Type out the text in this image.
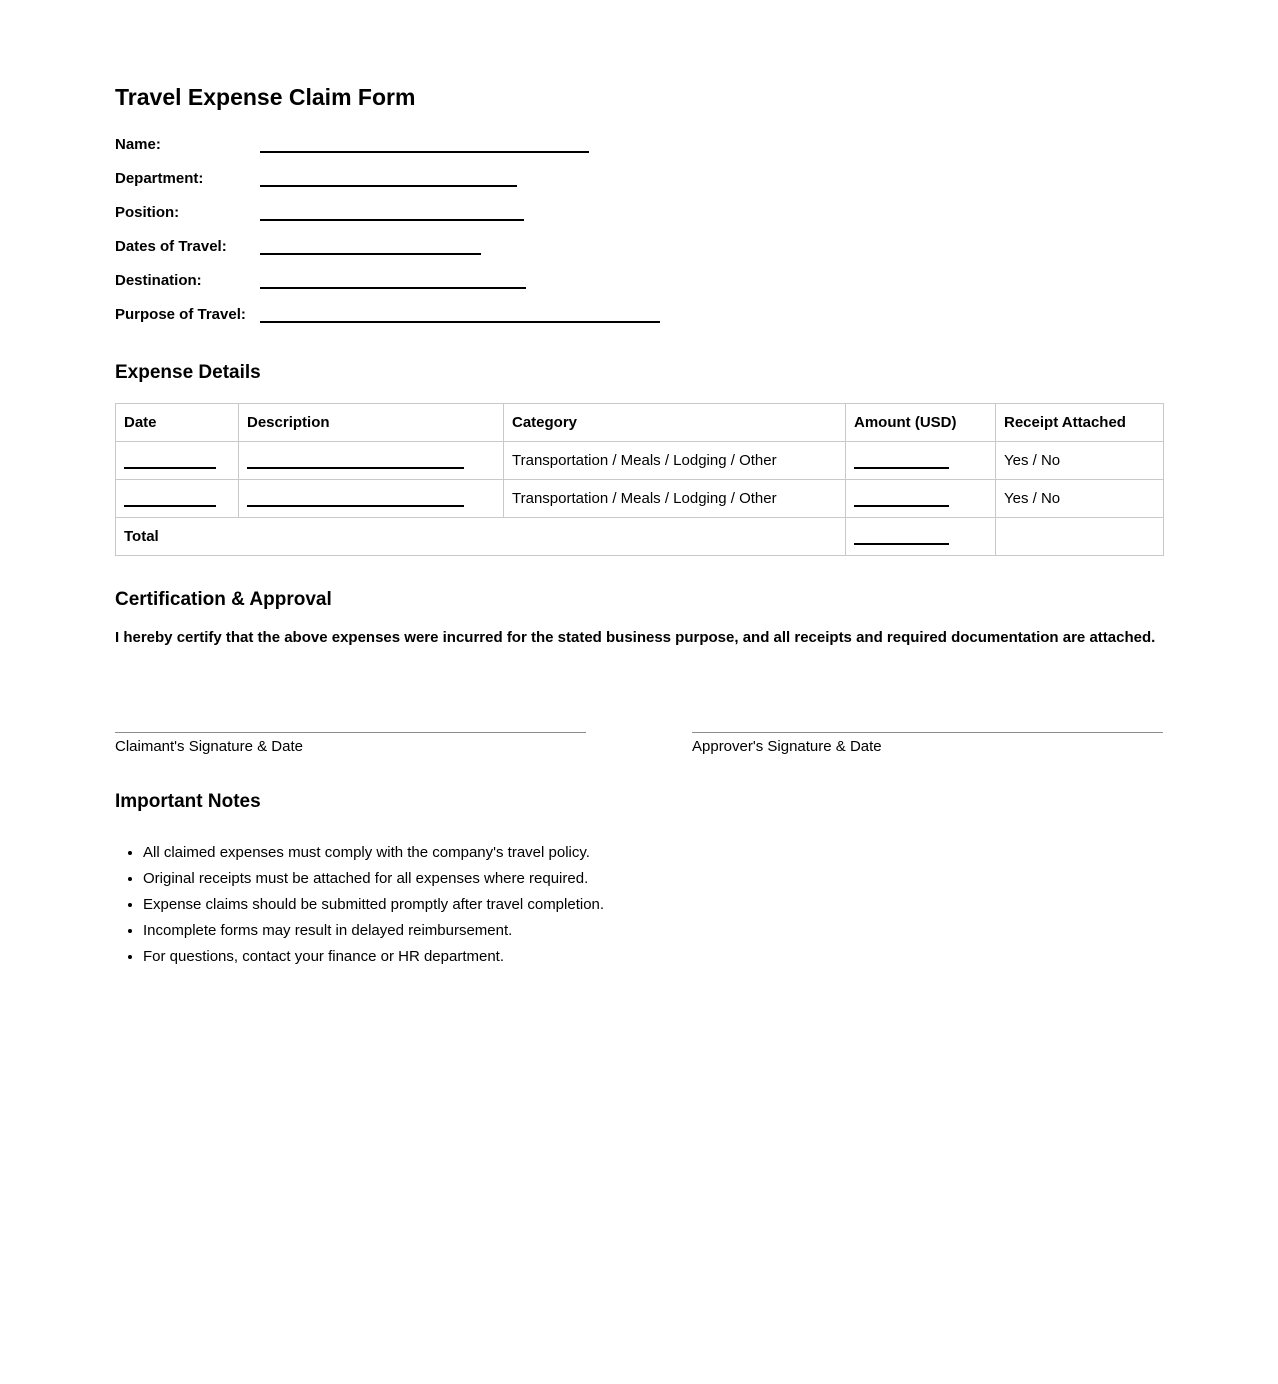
Travel Expense Claim Form
Name:
Department:
Position:
Dates of Travel:
Destination:
Purpose of Travel:
Expense Details
Date	Description	Category	Amount (USD)	Receipt Attached
		Transportation / Meals / Lodging / Other		Yes / No
		Transportation / Meals / Lodging / Other		Yes / No
Total				
Certification & Approval

I hereby certify that the above expenses were incurred for the stated business purpose, and all receipts and required documentation are attached.

Claimant's Signature & Date	Approver's Signature & Date
Important Notes
• All claimed expenses must comply with the company's travel policy.
• Original receipts must be attached for all expenses where required.
• Expense claims should be submitted promptly after travel completion.
• Incomplete forms may result in delayed reimbursement.
• For questions, contact your finance or HR department.
